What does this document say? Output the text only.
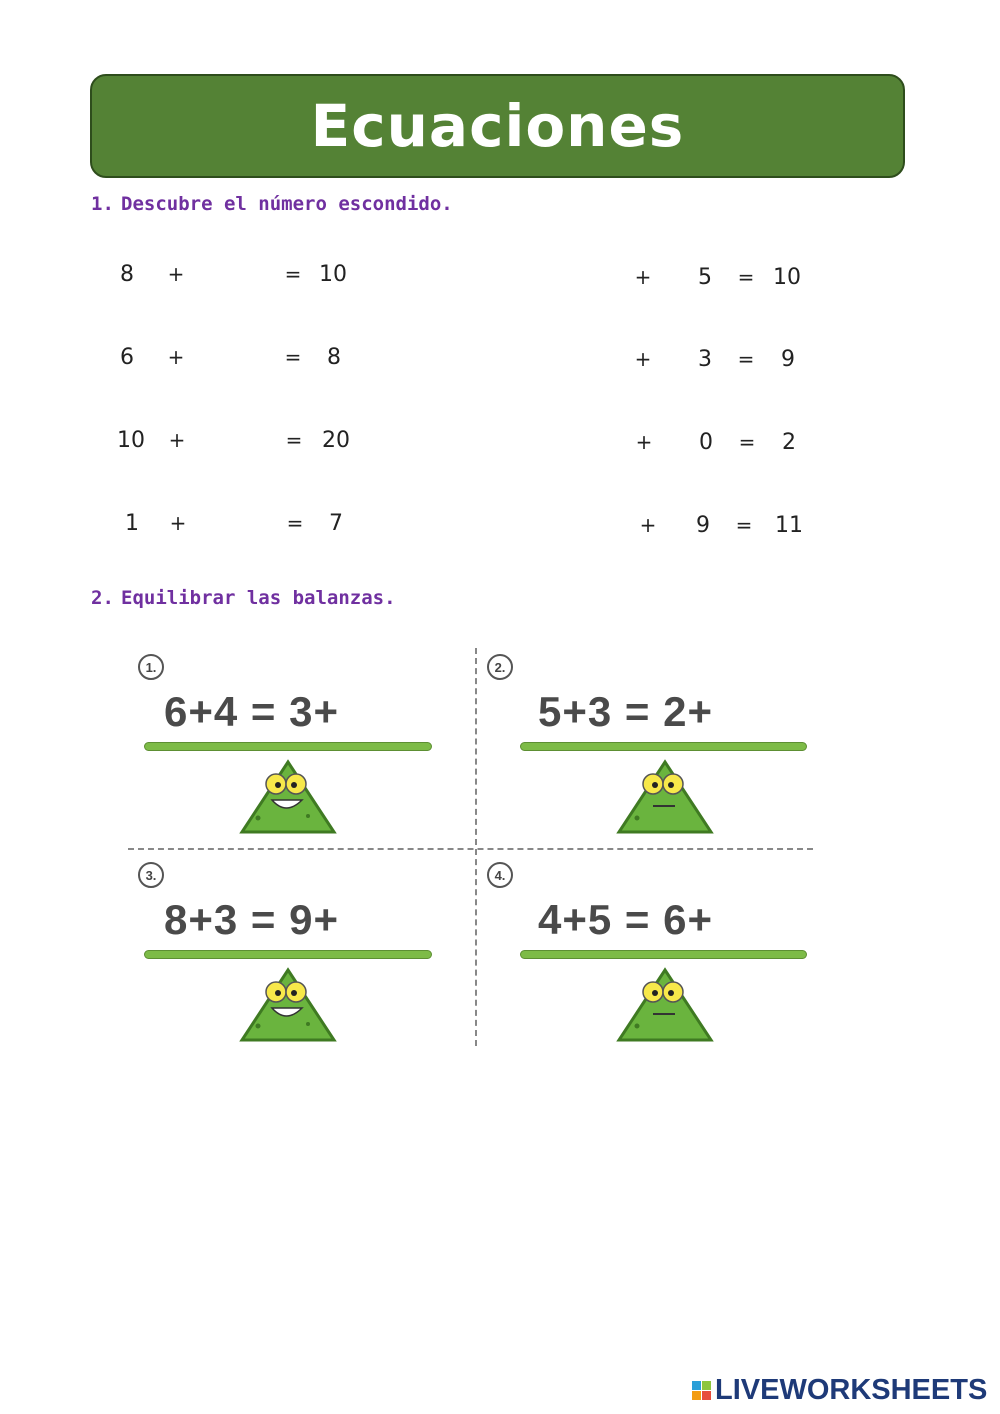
Ecuaciones
1. Descubre el número escondido.
8 +	= 10
6 +	= 8
10 +	= 20
1 +	= 7
+ 5 = 10
+ 3 = 9
+ 0 = 2
+ 9 = 11
2. Equilibrar las balanzas.
1.
6+4 = 3+
2.
5+3 = 2+
3.
8+3 = 9+
4.
4+5 = 6+
LIVEWORKSHEETS
